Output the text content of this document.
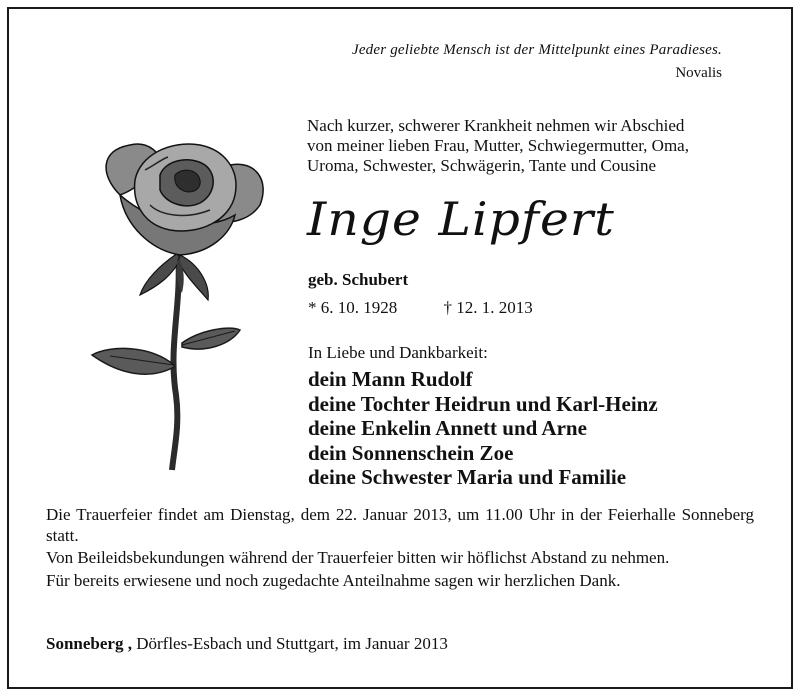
Jeder geliebte Mensch ist der Mittelpunkt eines Paradieses.
Novalis
Nach kurzer, schwerer Krankheit nehmen wir Abschied
von meiner lieben Frau, Mutter, Schwiegermutter, Oma,
Uroma, Schwester, Schwägerin, Tante und Cousine
Inge Lipfert
geb. Schubert
* 6. 10. 1928	† 12. 1. 2013
In Liebe und Dankbarkeit:
dein Mann Rudolf
deine Tochter Heidrun und Karl-Heinz
deine Enkelin Annett und Arne
dein Sonnenschein Zoe
deine Schwester Maria und Familie

Die Trauerfeier findet am Dienstag, dem 22. Januar 2013, um 11.00 Uhr in der Feierhalle Sonneberg statt.

Von Beileidsbekundungen während der Trauerfeier bitten wir höflichst Abstand zu nehmen.

Für bereits erwiesene und noch zugedachte Anteilnahme sagen wir herzlichen Dank.

Sonneberg , Dörfles-Esbach und Stuttgart, im Januar 2013
